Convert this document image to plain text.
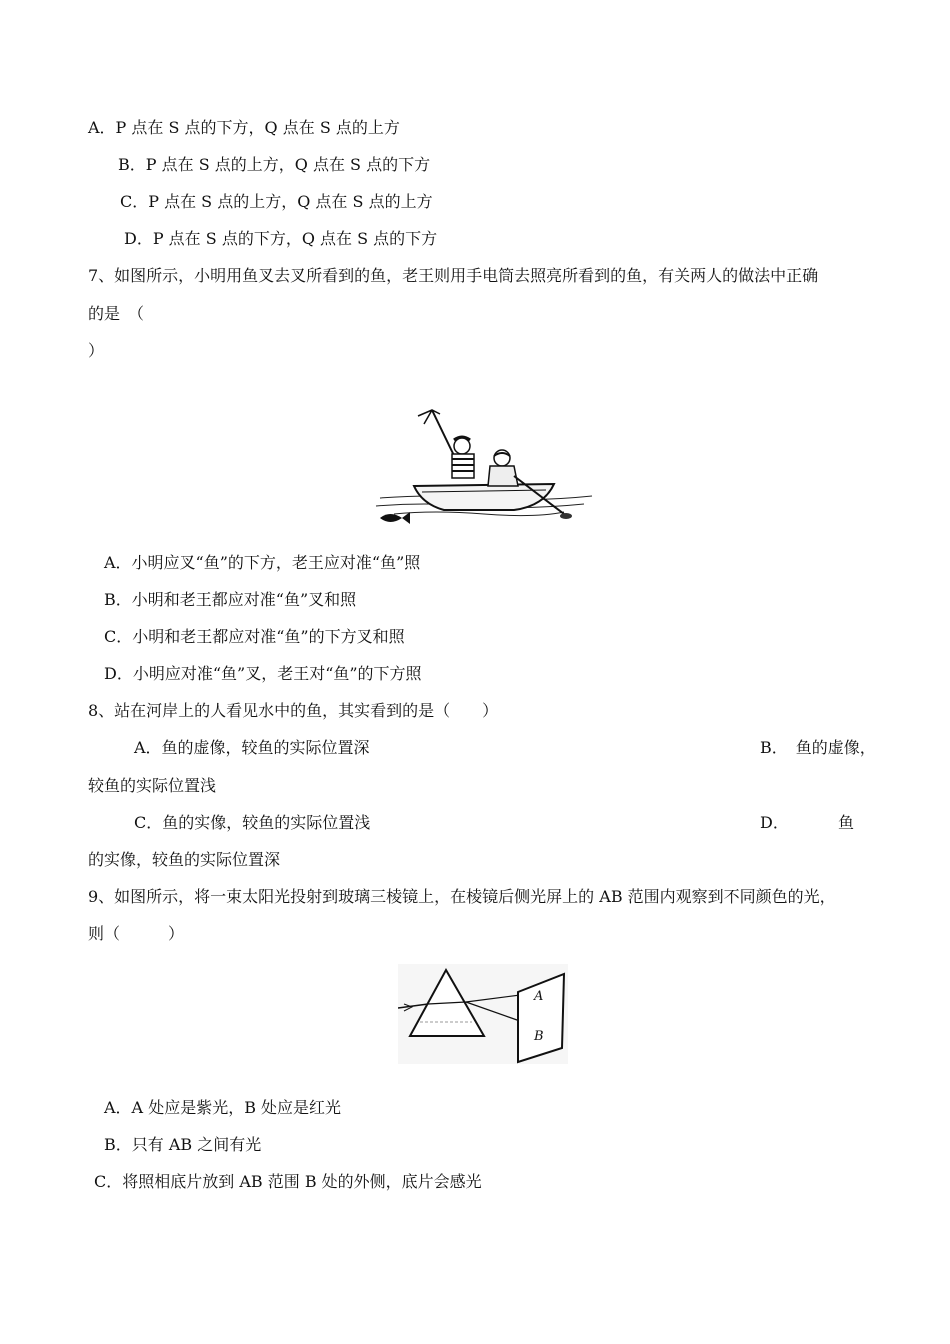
A．P 点在 S 点的下方，Q 点在 S 点的上方
B．P 点在 S 点的上方，Q 点在 S 点的下方
C．P 点在 S 点的上方，Q 点在 S 点的上方
D．P 点在 S 点的下方，Q 点在 S 点的下方
7、如图所示，小明用鱼叉去叉所看到的鱼，老王则用手电筒去照亮所看到的鱼，有关两人的做法中正确
的是　（
）
A．小明应叉“鱼”的下方，老王应对准“鱼”照
B．小明和老王都应对准“鱼”叉和照
C．小明和老王都应对准“鱼”的下方叉和照
D．小明应对准“鱼”叉，老王对“鱼”的下方照
8、站在河岸上的人看见水中的鱼，其实看到的是（　　）
A．鱼的虚像，较鱼的实际位置深	B．　鱼的虚像，
较鱼的实际位置浅
C．鱼的实像，较鱼的实际位置浅	D．	鱼
的实像，较鱼的实际位置深
9、如图所示，将一束太阳光投射到玻璃三棱镜上，在棱镜后侧光屏上的 AB 范围内观察到不同颜色的光，
则（　　　）
A
B
A．A 处应是紫光，B 处应是红光
B．只有 AB 之间有光
C．将照相底片放到 AB 范围 B 处的外侧，底片会感光
